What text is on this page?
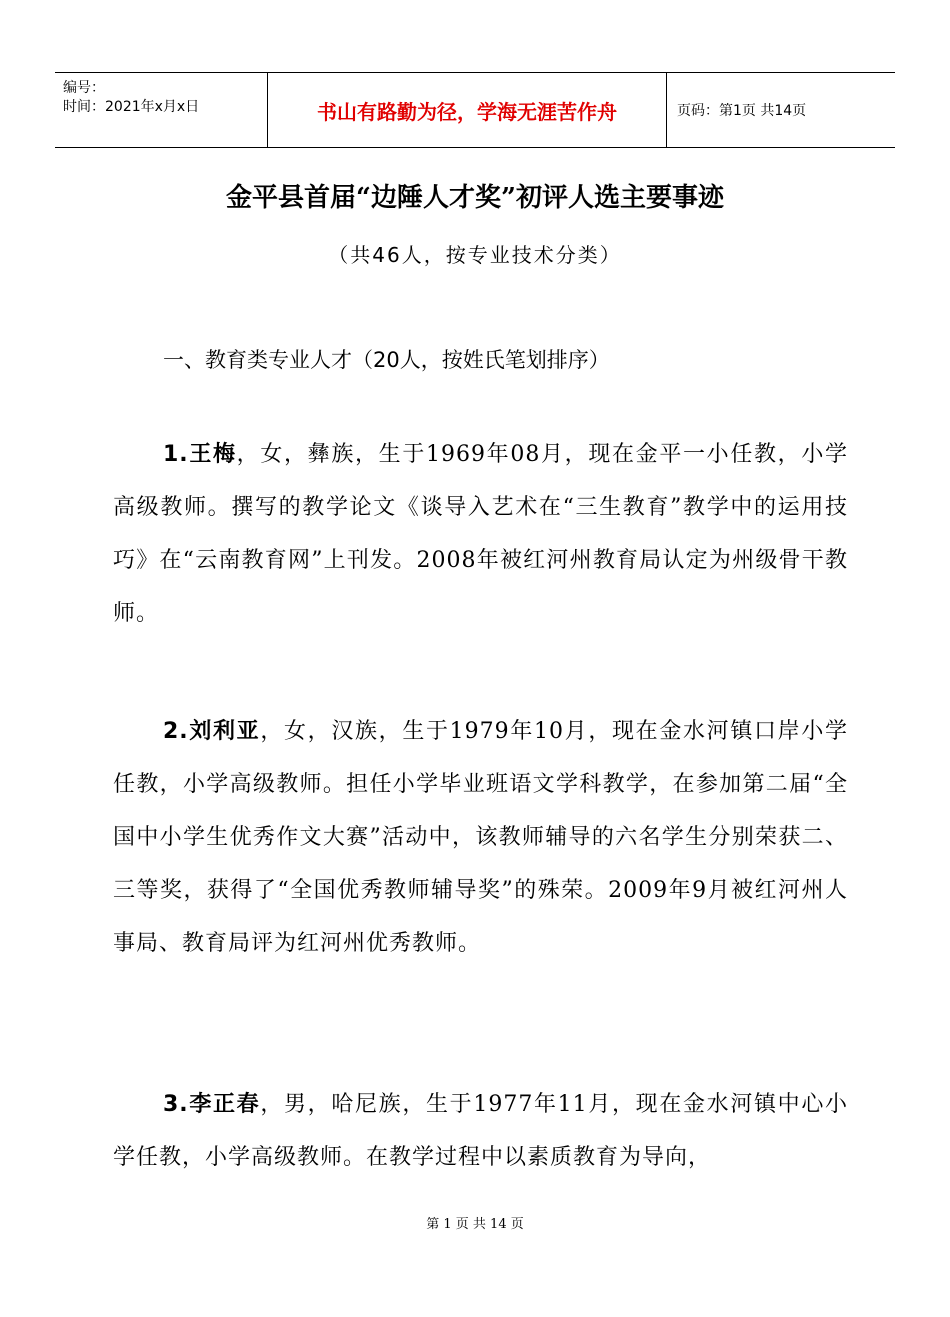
编号：
时间：2021年x月x日	书山有路勤为径，学海无涯苦作舟	页码：第1页 共14页
金平县首届“边陲人才奖”初评人选主要事迹
（共46人，按专业技术分类）
一、教育类专业人才（20人，按姓氏笔划排序）

1.王梅，女，彝族，生于1969年08月，现在金平一小任教，小学高级教师。撰写的教学论文《谈导入艺术在“三生教育”教学中的运用技巧》在“云南教育网”上刊发。2008年被红河州教育局认定为州级骨干教师。

2.刘利亚，女，汉族，生于1979年10月，现在金水河镇口岸小学任教，小学高级教师。担任小学毕业班语文学科教学，在参加第二届“全国中小学生优秀作文大赛”活动中，该教师辅导的六名学生分别荣获二、三等奖，获得了“全国优秀教师辅导奖”的殊荣。2009年9月被红河州人事局、教育局评为红河州优秀教师。

3.李正春，男，哈尼族，生于1977年11月，现在金水河镇中心小学任教，小学高级教师。在教学过程中以素质教育为导向，

第 1 页 共 14 页
